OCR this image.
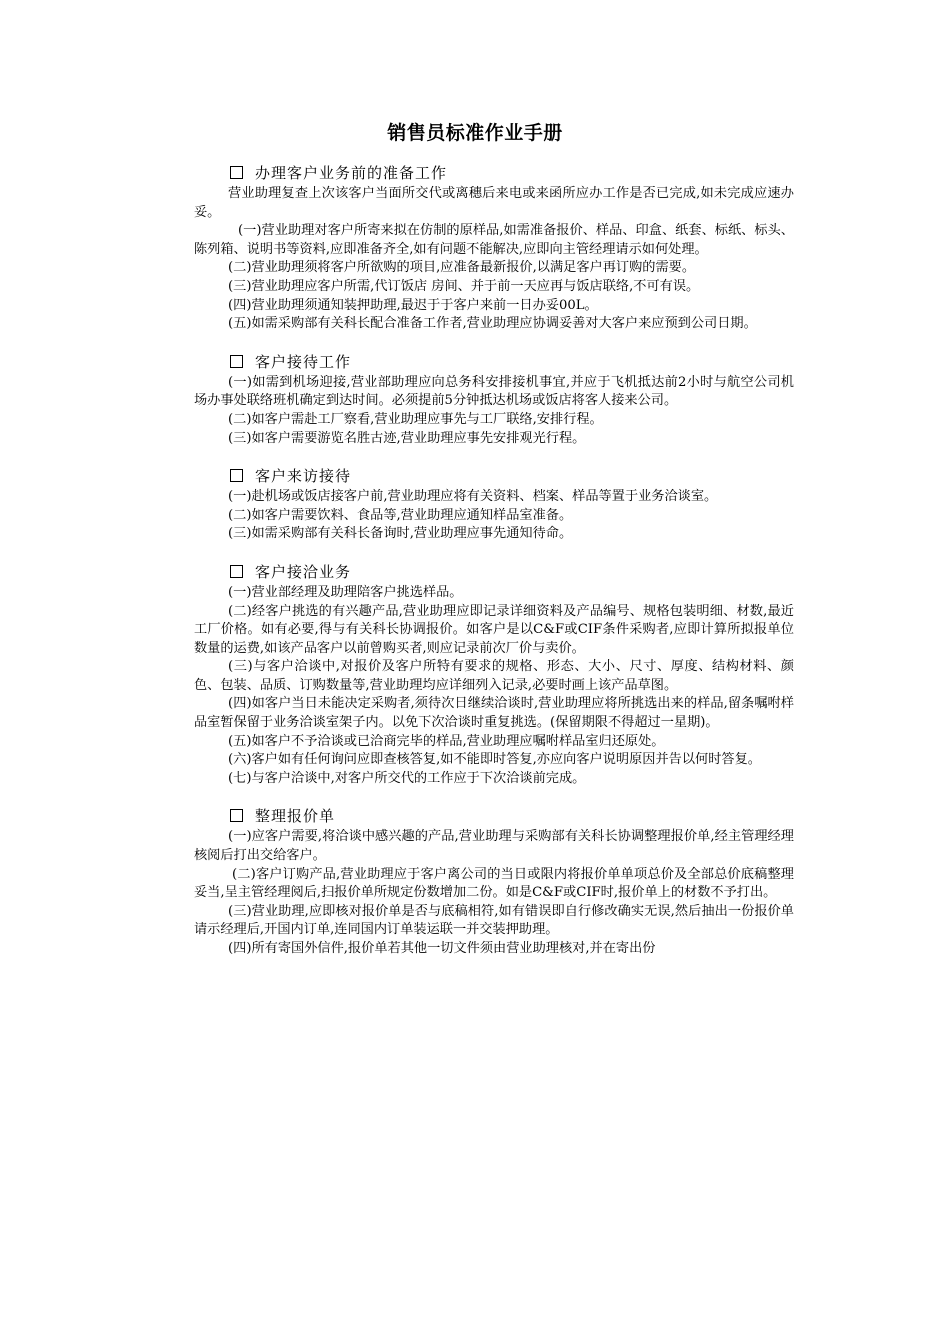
销售员标准作业手册
办理客户业务前的准备工作

营业助理复查上次该客户当面所交代或离穗后来电或来函所应办工作是否已完成,如未完成应速办妥。

(一)营业助理对客户所寄来拟在仿制的原样品,如需准备报价、样品、印盒、纸套、标纸、标头、陈列箱、说明书等资料,应即准备齐全,如有问题不能解决,应即向主管经理请示如何处理。

(二)营业助理须将客户所欲购的项目,应准备最新报价,以满足客户再订购的需要。

(三)营业助理应客户所需,代订饭店 房间、并于前一天应再与饭店联络,不可有误。

(四)营业助理须通知装押助理,最迟于于客户来前一日办妥00L。

(五)如需采购部有关科长配合准备工作者,营业助理应协调妥善对大客户来应预到公司日期。

客户接待工作

(一)如需到机场迎接,营业部助理应向总务科安排接机事宜,并应于飞机抵达前2小时与航空公司机场办事处联络班机确定到达时间。必须提前5分钟抵达机场或饭店将客人接来公司。

(二)如客户需赴工厂察看,营业助理应事先与工厂联络,安排行程。

(三)如客户需要游览名胜古迹,营业助理应事先安排观光行程。

客户来访接待

(一)赴机场或饭店接客户前,营业助理应将有关资料、档案、样品等置于业务洽谈室。

(二)如客户需要饮料、食品等,营业助理应通知样品室准备。

(三)如需采购部有关科长备询时,营业助理应事先通知待命。

客户接洽业务

(一)营业部经理及助理陪客户挑选样品。

(二)经客户挑选的有兴趣产品,营业助理应即记录详细资料及产品编号、规格包装明细、材数,最近工厂价格。如有必要,得与有关科长协调报价。如客户是以C&F或CIF条件采购者,应即计算所拟报单位数量的运费,如该产品客户以前曾购买者,则应记录前次厂价与卖价。

(三)与客户洽谈中,对报价及客户所特有要求的规格、形态、大小、尺寸、厚度、结构材料、颜色、包装、品质、订购数量等,营业助理均应详细列入记录,必要时画上该产品草图。

(四)如客户当日未能决定采购者,须待次日继续洽谈时,营业助理应将所挑选出来的样品,留条嘱咐样品室暂保留于业务洽谈室架子内。以免下次洽谈时重复挑选。(保留期限不得超过一星期)。

(五)如客户不予洽谈或已洽商完毕的样品,营业助理应嘱咐样品室归还原处。

(六)客户如有任何询问应即查核答复,如不能即时答复,亦应向客户说明原因并告以何时答复。

(七)与客户洽谈中,对客户所交代的工作应于下次洽谈前完成。

整理报价单

(一)应客户需要,将洽谈中感兴趣的产品,营业助理与采购部有关科长协调整理报价单,经主管理经理核阅后打出交给客户。

(二)客户订购产品,营业助理应于客户离公司的当日或限内将报价单单项总价及全部总价底稿整理妥当,呈主管经理阅后,扫报价单所规定份数增加二份。如是C&F或CIF时,报价单上的材数不予打出。

(三)营业助理,应即核对报价单是否与底稿相符,如有错误即自行修改确实无误,然后抽出一份报价单请示经理后,开国内订单,连同国内订单装运联一并交装押助理。

(四)所有寄国外信件,报价单若其他一切文件须由营业助理核对,并在寄出份
